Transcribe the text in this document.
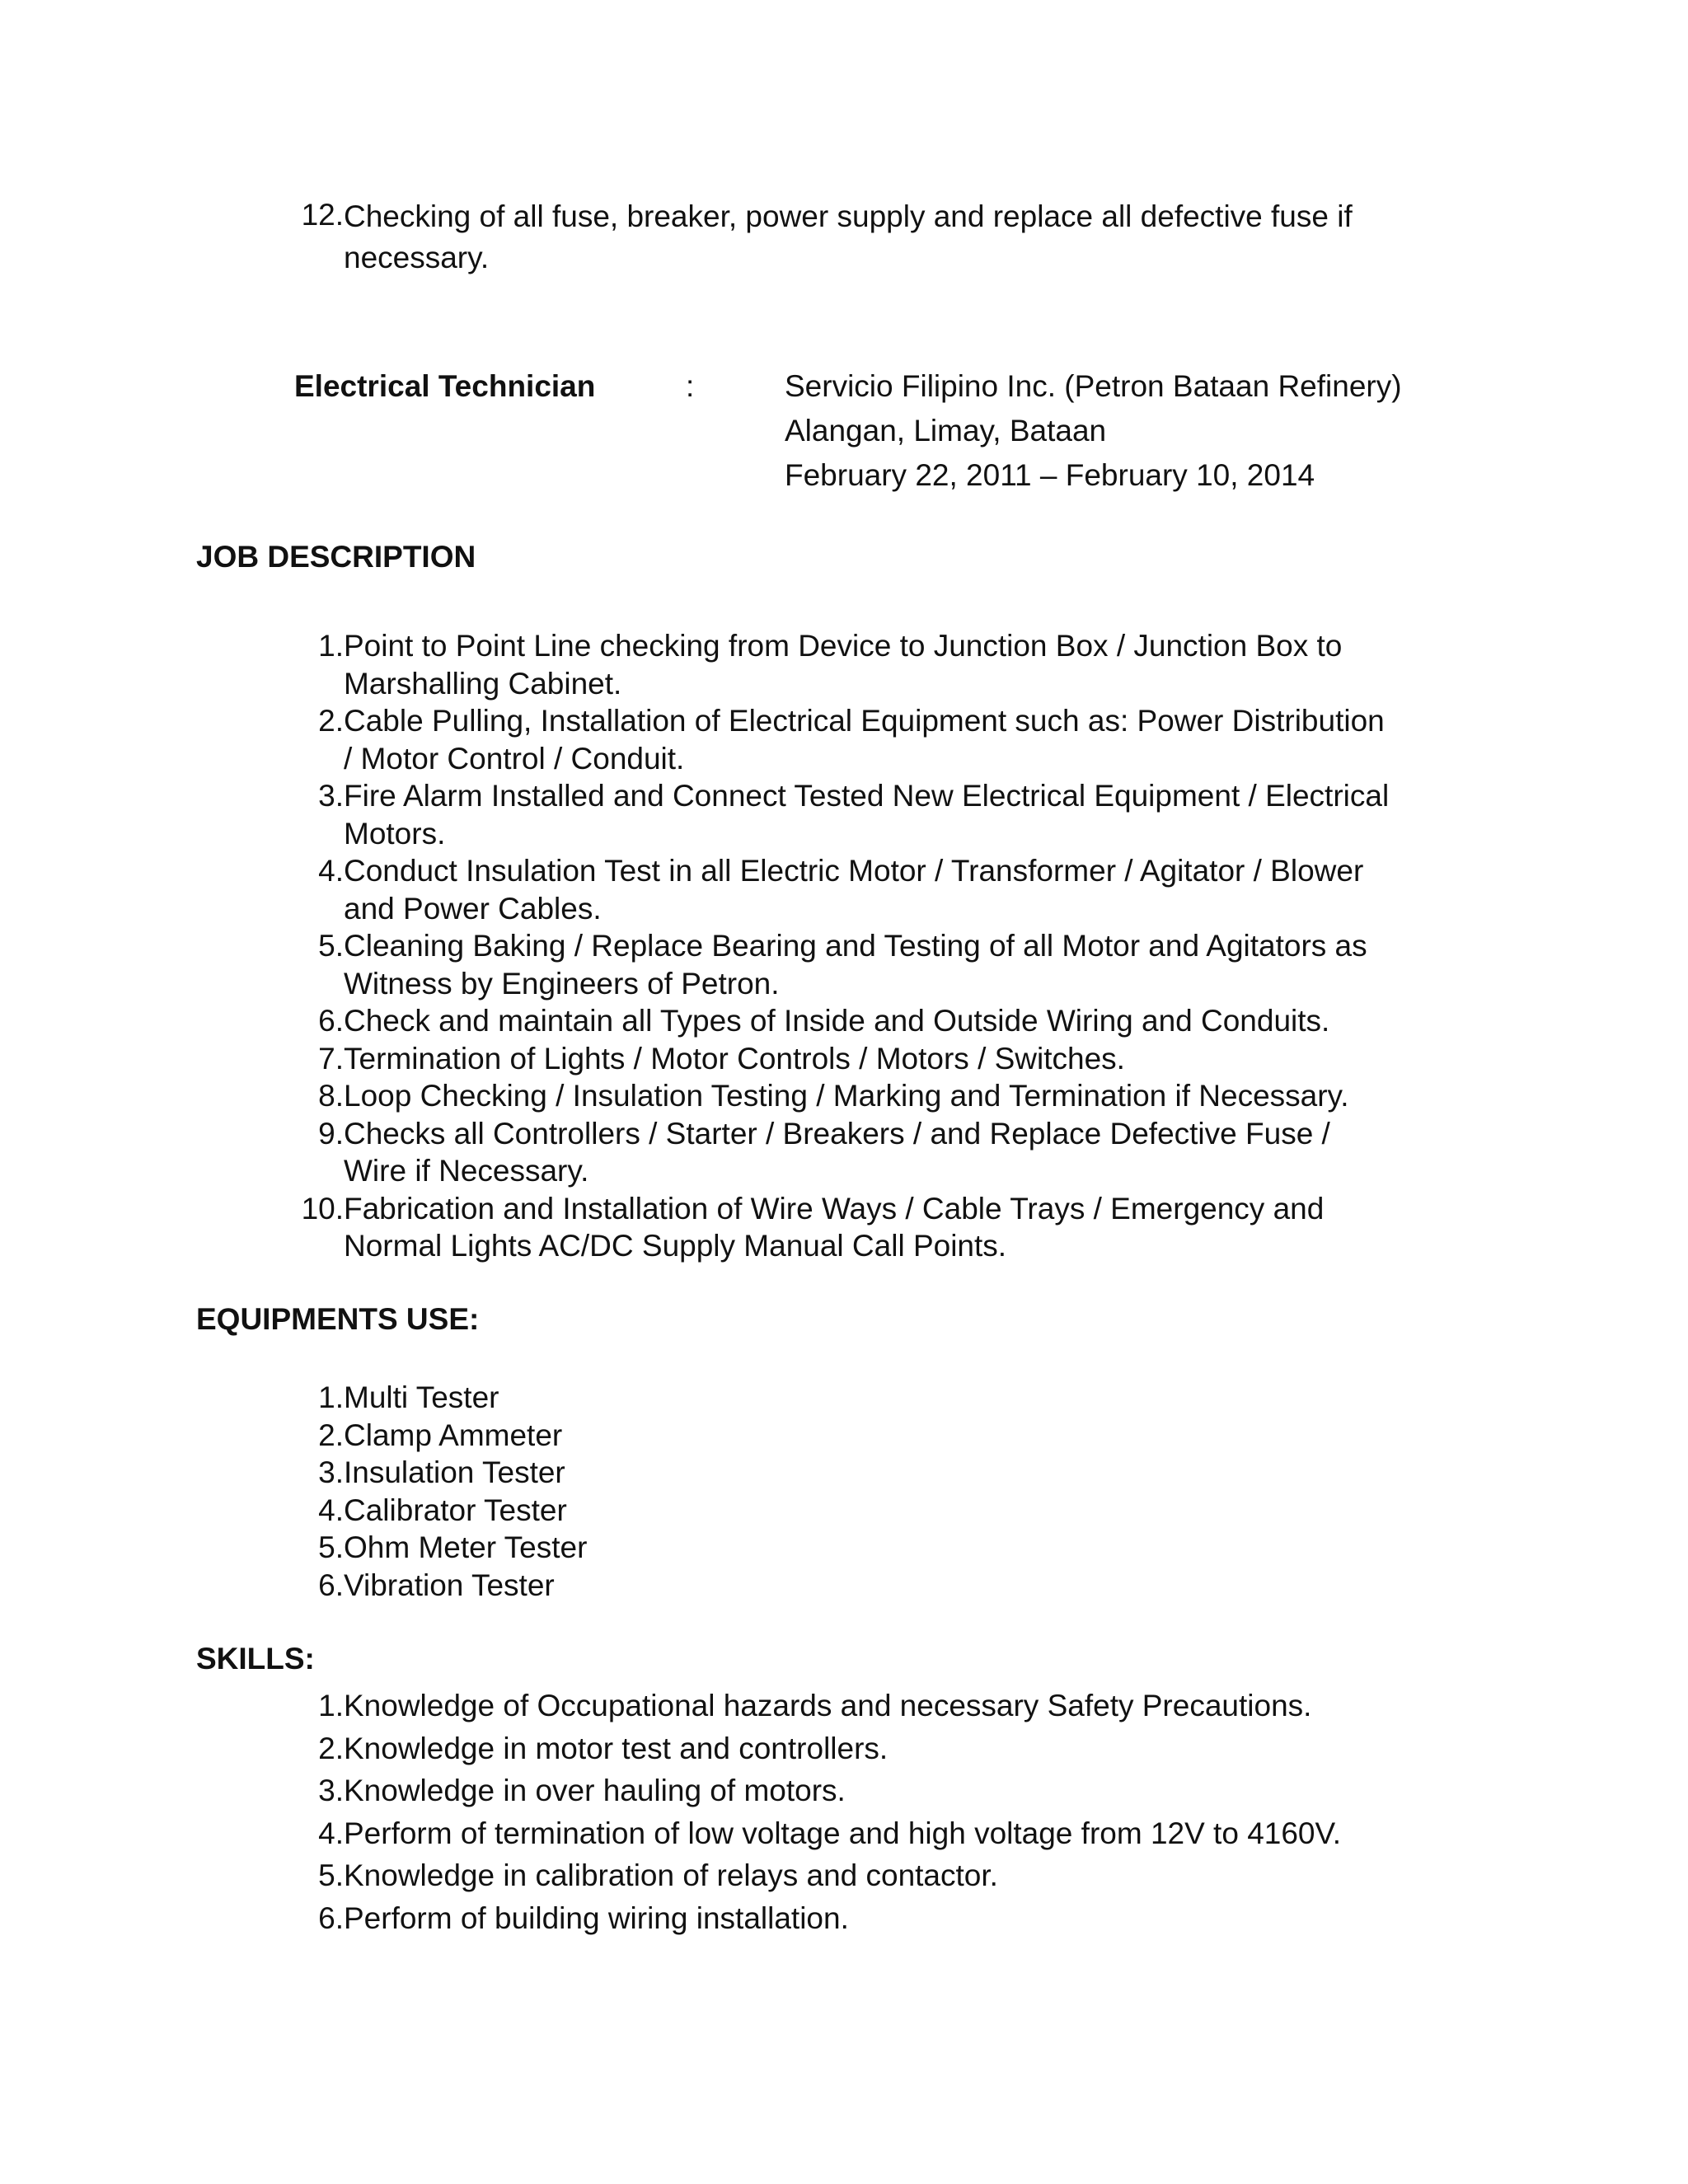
12. Checking of all fuse, breaker, power supply and replace all defective fuse if
necessary.
Electrical Technician	:	Servicio Filipino Inc. (Petron Bataan Refinery)
Alangan, Limay, Bataan
February 22, 2011 – February 10, 2014
JOB DESCRIPTION
1. Point to Point Line checking from Device to Junction Box / Junction Box to
Marshalling Cabinet.
2. Cable Pulling, Installation of Electrical Equipment such as: Power Distribution
/ Motor Control / Conduit.
3. Fire Alarm Installed and Connect Tested New Electrical Equipment / Electrical
Motors.
4. Conduct Insulation Test in all Electric Motor / Transformer / Agitator / Blower
and Power Cables.
5. Cleaning Baking / Replace Bearing and Testing of all Motor and Agitators as
Witness by Engineers of Petron.
6. Check and maintain all Types of Inside and Outside Wiring and Conduits.
7. Termination of Lights / Motor Controls / Motors / Switches.
8. Loop Checking / Insulation Testing / Marking and Termination if Necessary.
9. Checks all Controllers / Starter / Breakers / and Replace Defective Fuse /
Wire if Necessary.
10. Fabrication and Installation of Wire Ways / Cable Trays / Emergency and
Normal Lights AC/DC Supply Manual Call Points.
EQUIPMENTS USE:
1. Multi Tester
2. Clamp Ammeter
3. Insulation Tester
4. Calibrator Tester
5. Ohm Meter Tester
6. Vibration Tester
SKILLS:
1. Knowledge of Occupational hazards and necessary Safety Precautions.
2. Knowledge in motor test and controllers.
3. Knowledge in over hauling of motors.
4. Perform of termination of low voltage and high voltage from 12V to 4160V.
5. Knowledge in calibration of relays and contactor.
6. Perform of building wiring installation.
